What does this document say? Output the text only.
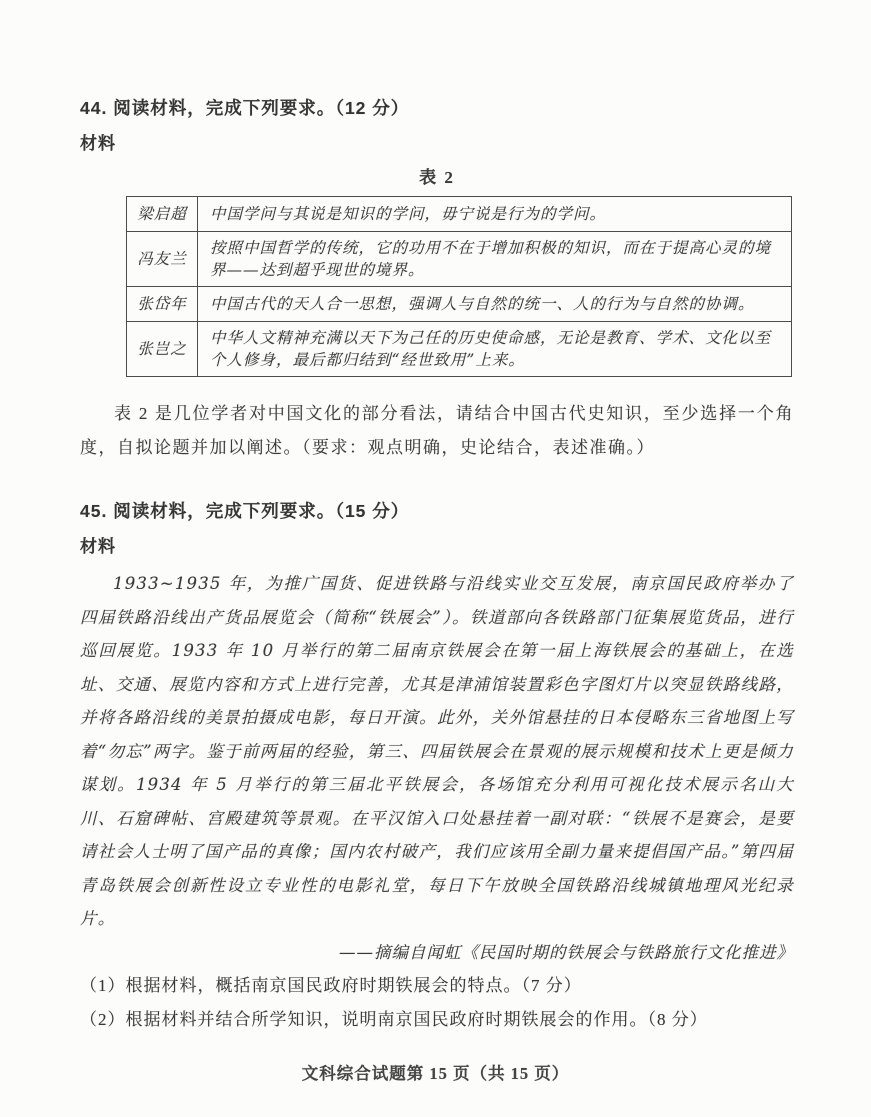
44. 阅读材料，完成下列要求。（12 分）

材料

表 2

梁启超	中国学问与其说是知识的学问，毋宁说是行为的学问。
冯友兰	按照中国哲学的传统，它的功用不在于增加积极的知识，而在于提高心灵的境界——达到超乎现世的境界。
张岱年	中国古代的天人合一思想，强调人与自然的统一、人的行为与自然的协调。
张岂之	中华人文精神充满以天下为己任的历史使命感，无论是教育、学术、文化以至个人修身，最后都归结到“经世致用”上来。

表 2 是几位学者对中国文化的部分看法，请结合中国古代史知识，至少选择一个角度，自拟论题并加以阐述。（要求：观点明确，史论结合，表述准确。）

45. 阅读材料，完成下列要求。（15 分）

材料

1933~1935 年，为推广国货、促进铁路与沿线实业交互发展，南京国民政府举办了四届铁路沿线出产货品展览会（简称“铁展会”）。铁道部向各铁路部门征集展览货品，进行巡回展览。1933 年 10 月举行的第二届南京铁展会在第一届上海铁展会的基础上，在选址、交通、展览内容和方式上进行完善，尤其是津浦馆装置彩色字图灯片以突显铁路线路，并将各路沿线的美景拍摄成电影，每日开演。此外，关外馆悬挂的日本侵略东三省地图上写着“勿忘”两字。鉴于前两届的经验，第三、四届铁展会在景观的展示规模和技术上更是倾力谋划。1934 年 5 月举行的第三届北平铁展会，各场馆充分利用可视化技术展示名山大川、石窟碑帖、宫殿建筑等景观。在平汉馆入口处悬挂着一副对联：“铁展不是赛会，是要请社会人士明了国产品的真像；国内农村破产，我们应该用全副力量来提倡国产品。”第四届青岛铁展会创新性设立专业性的电影礼堂，每日下午放映全国铁路沿线城镇地理风光纪录片。

——摘编自闻虹《民国时期的铁展会与铁路旅行文化推进》

（1）根据材料，概括南京国民政府时期铁展会的特点。（7 分）

（2）根据材料并结合所学知识，说明南京国民政府时期铁展会的作用。（8 分）

文科综合试题第 15 页（共 15 页）
